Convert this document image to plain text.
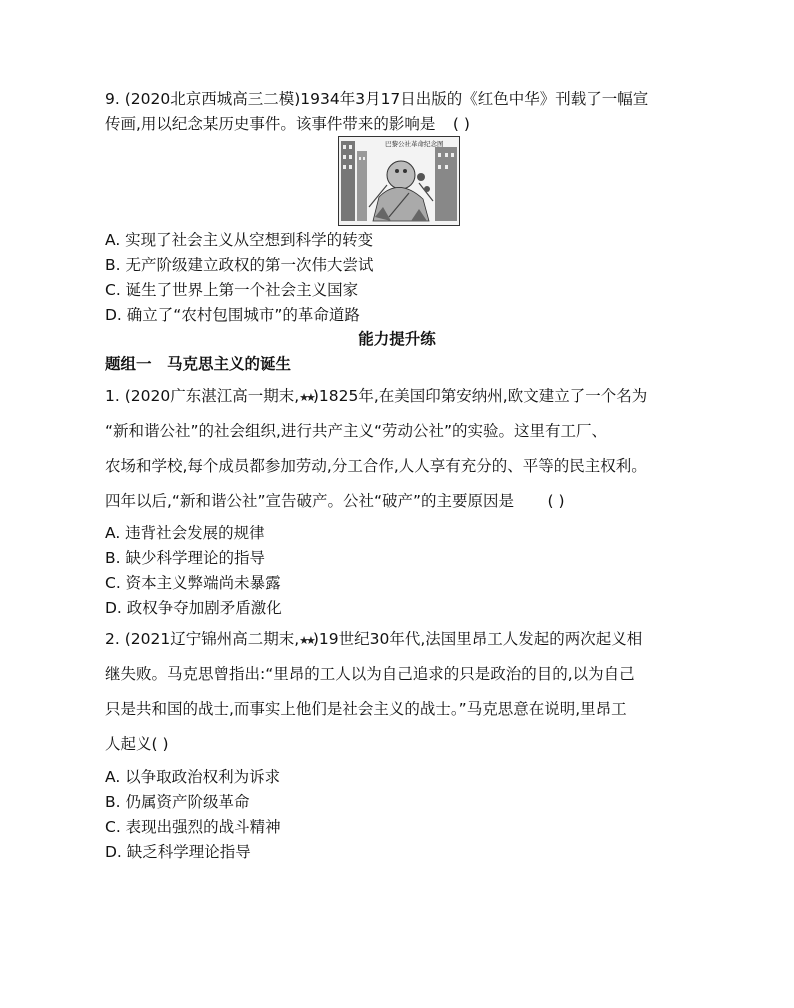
9. (2020北京西城高三二模)1934年3月17日出版的《红色中华》刊载了一幅宣
传画,用以纪念某历史事件。该事件带来的影响是 ( )
巴黎公社革命纪念图
A. 实现了社会主义从空想到科学的转变
B. 无产阶级建立政权的第一次伟大尝试
C. 诞生了世界上第一个社会主义国家
D. 确立了“农村包围城市”的革命道路
能力提升练
题组一　马克思主义的诞生
1. (2020广东湛江高一期末,★★)1825年,在美国印第安纳州,欧文建立了一个名为
“新和谐公社”的社会组织,进行共产主义“劳动公社”的实验。这里有工厂、
农场和学校,每个成员都参加劳动,分工合作,人人享有充分的、平等的民主权利。
四年以后,“新和谐公社”宣告破产。公社“破产”的主要原因是 ( )
A. 违背社会发展的规律
B. 缺少科学理论的指导
C. 资本主义弊端尚未暴露
D. 政权争夺加剧矛盾激化
2. (2021辽宁锦州高二期末,★★)19世纪30年代,法国里昂工人发起的两次起义相
继失败。马克思曾指出:“里昂的工人以为自己追求的只是政治的目的,以为自己
只是共和国的战士,而事实上他们是社会主义的战士。”马克思意在说明,里昂工
人起义( )
A. 以争取政治权利为诉求
B. 仍属资产阶级革命
C. 表现出强烈的战斗精神
D. 缺乏科学理论指导
